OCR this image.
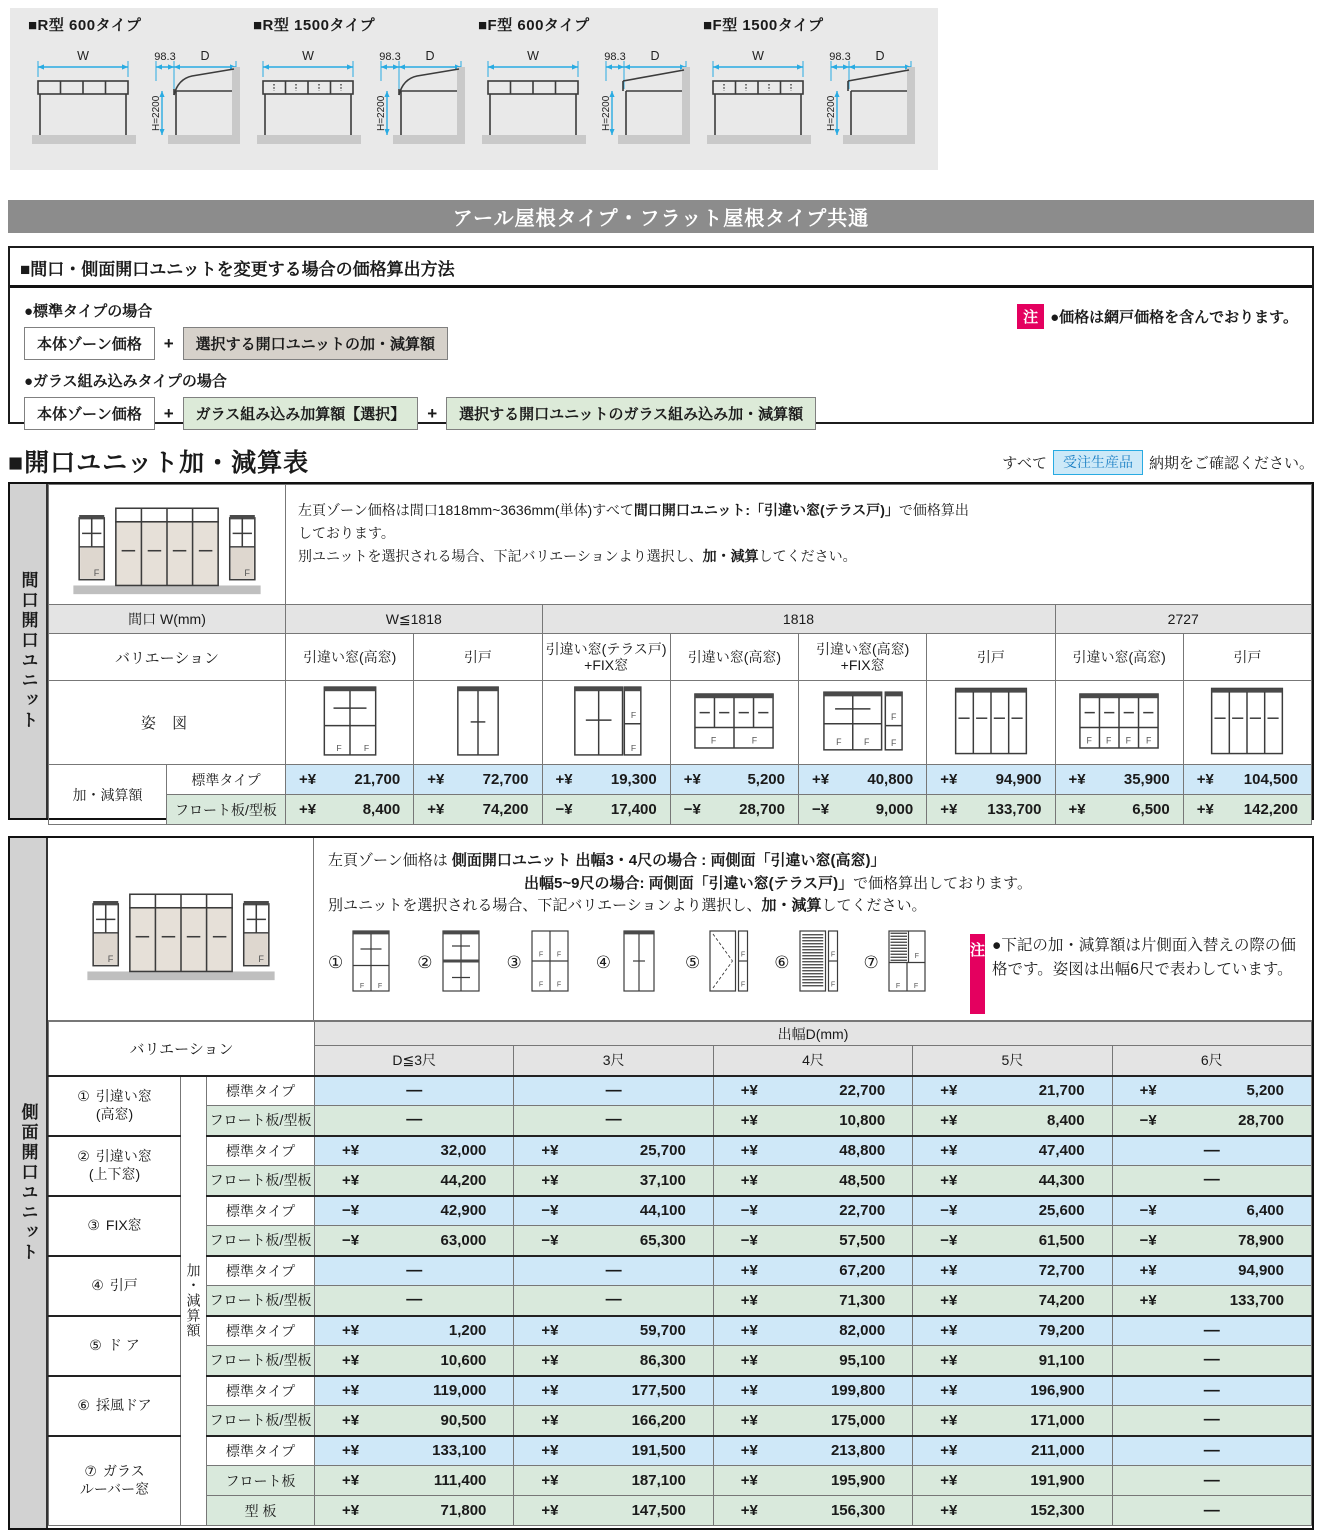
■R型 600タイプ
W	98.3 D
H=2200
■R型 1500タイプ
W	98.3 D
H=2200
■F型 600タイプ
W	98.3 D
H=2200
■F型 1500タイプ
W	98.3 D
H=2200
アール屋根タイプ・フラット屋根タイプ共通
■間口・側面開口ユニットを変更する場合の価格算出方法
●標準タイプの場合
本体ゾーン価格	+	選択する開口ユニットの加・減算額
●ガラス組み込みタイプの場合
本体ゾーン価格	+	ガラス組み込み加算額【選択】	+	選択する開口ユニットのガラス組み込み加・減算額
注 ●価格は網戸価格を含んでおります。
■開口ユニット加・減算表	すべて	受注生産品	納期をご確認ください。
間口開口ユニット	F	F

左頁ゾーン価格は間口1818mm~3636mm(単体)すべて間口開口ユニット:「引違い窓(テラス戸)」で価格算出
しております。
別ユニットを選択される場合、下記バリエーションより選択し、加・減算してください。

間口 W(mm)		W≦1818		1818				2727	
バリエーション		引違い窓(高窓)	引戸	引違い窓(テラス戸)
+FIX窓	引違い窓(高窓)	引違い窓(高窓)
+FIX窓	引戸	引違い窓(高窓)	引戸
姿 図		F F		F
F	F F	F F
F
F		F F F F

加・減算額	標準タイプ	+¥ 21,700	+¥ 72,700	+¥ 19,300	+¥ 5,200	+¥ 40,800	+¥ 94,900	+¥ 35,900	+¥ 104,500

	フロート板/型板	+¥ 8,400	+¥ 74,200	−¥ 17,400	−¥ 28,700	−¥ 9,000	+¥ 133,700	+¥ 6,500	+¥ 142,200
側面開口ユニット
F	F
左頁ゾーン価格は 側面開口ユニット 出幅3・4尺の場合 : 両側面「引違い窓(高窓)」
出幅5~9尺の場合: 両側面「引違い窓(テラス戸)」で価格算出しております。
別ユニットを選択される場合、下記バリエーションより選択し、加・減算してください。
①
F F
②	③ F F
F F
④	⑤	F
F
⑥	F
F
⑦	F
F F
注 ●下記の加・減算額は片側面入替えの際の価格です。姿図は出幅6尺で表わしています。
バリエーション			出幅D(mm)				
			D≦3尺	3尺	4尺	5尺	6尺
① 引違い窓
(高窓)	加・減算額	標準タイプ	—	—	+¥ 22,700	+¥ 21,700	+¥ 5,200

		フロート板/型板	—	—	+¥ 10,800	+¥ 8,400	−¥ 28,700

② 引違い窓
(上下窓)		標準タイプ	+¥ 32,000	+¥ 25,700	+¥ 48,800	+¥ 47,400	—

		フロート板/型板	+¥ 44,200	+¥ 37,100	+¥ 48,500	+¥ 44,300	—

③ FIX窓		標準タイプ	−¥ 42,900	−¥ 44,100	−¥ 22,700	−¥ 25,600	−¥ 6,400

		フロート板/型板	−¥ 63,000	−¥ 65,300	−¥ 57,500	−¥ 61,500	−¥ 78,900

④ 引戸		標準タイプ	—	—	+¥ 67,200	+¥ 72,700	+¥ 94,900

		フロート板/型板	—	—	+¥ 71,300	+¥ 74,200	+¥ 133,700

⑤ ド ア		標準タイプ	+¥ 1,200	+¥ 59,700	+¥ 82,000	+¥ 79,200	—

		フロート板/型板	+¥ 10,600	+¥ 86,300	+¥ 95,100	+¥ 91,100	—

⑥ 採風ドア		標準タイプ	+¥ 119,000	+¥ 177,500	+¥ 199,800	+¥ 196,900	—

		フロート板/型板	+¥ 90,500	+¥ 166,200	+¥ 175,000	+¥ 171,000	—

⑦ ガラス
ルーバー窓		標準タイプ	+¥ 133,100	+¥ 191,500	+¥ 213,800	+¥ 211,000	—

		フロート板	+¥ 111,400	+¥ 187,100	+¥ 195,900	+¥ 191,900	—

		型 板	+¥ 71,800	+¥ 147,500	+¥ 156,300	+¥ 152,300	—
